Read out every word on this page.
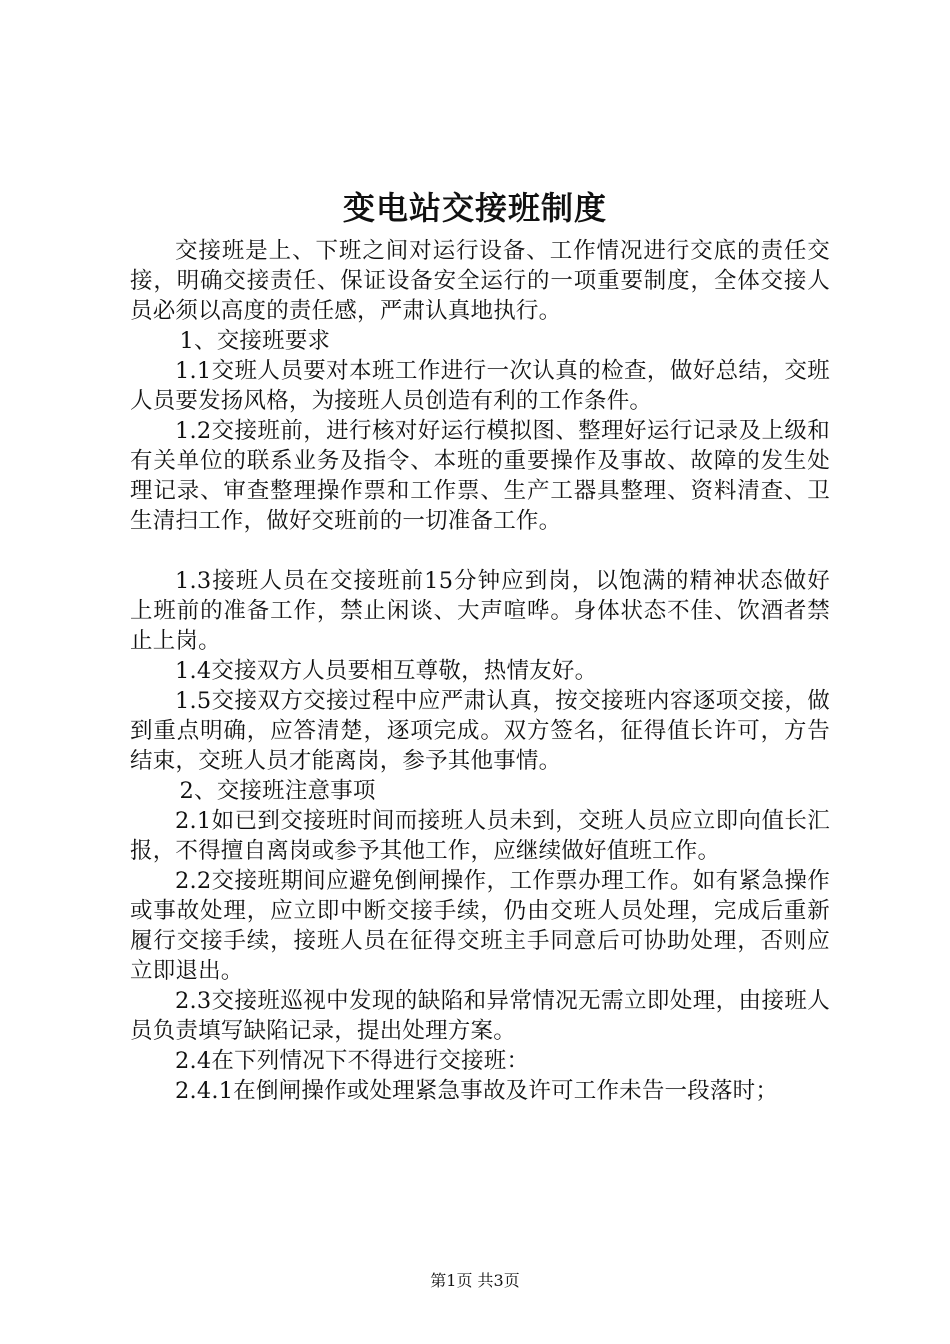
变电站交接班制度

交接班是上、下班之间对运行设备、工作情况进行交底的责任交接，明确交接责任、保证设备安全运行的一项重要制度，全体交接人员必须以高度的责任感，严肃认真地执行。

1、交接班要求

1.1交班人员要对本班工作进行一次认真的检查，做好总结，交班人员要发扬风格，为接班人员创造有利的工作条件。

1.2交接班前，进行核对好运行模拟图、整理好运行记录及上级和有关单位的联系业务及指令、本班的重要操作及事故、故障的发生处理记录、审查整理操作票和工作票、生产工器具整理、资料清查、卫生清扫工作，做好交班前的一切准备工作。

1.3接班人员在交接班前15分钟应到岗，以饱满的精神状态做好上班前的准备工作，禁止闲谈、大声喧哗。身体状态不佳、饮酒者禁止上岗。

1.4交接双方人员要相互尊敬，热情友好。

1.5交接双方交接过程中应严肃认真，按交接班内容逐项交接，做到重点明确，应答清楚，逐项完成。双方签名，征得值长许可，方告结束，交班人员才能离岗，参予其他事情。

2、交接班注意事项

2.1如已到交接班时间而接班人员未到，交班人员应立即向值长汇报，不得擅自离岗或参予其他工作，应继续做好值班工作。

2.2交接班期间应避免倒闸操作，工作票办理工作。如有紧急操作或事故处理，应立即中断交接手续，仍由交班人员处理，完成后重新履行交接手续，接班人员在征得交班主手同意后可协助处理，否则应立即退出。

2.3交接班巡视中发现的缺陷和异常情况无需立即处理，由接班人员负责填写缺陷记录，提出处理方案。

2.4在下列情况下不得进行交接班：

2.4.1在倒闸操作或处理紧急事故及许可工作未告一段落时；

第1页 共3页
